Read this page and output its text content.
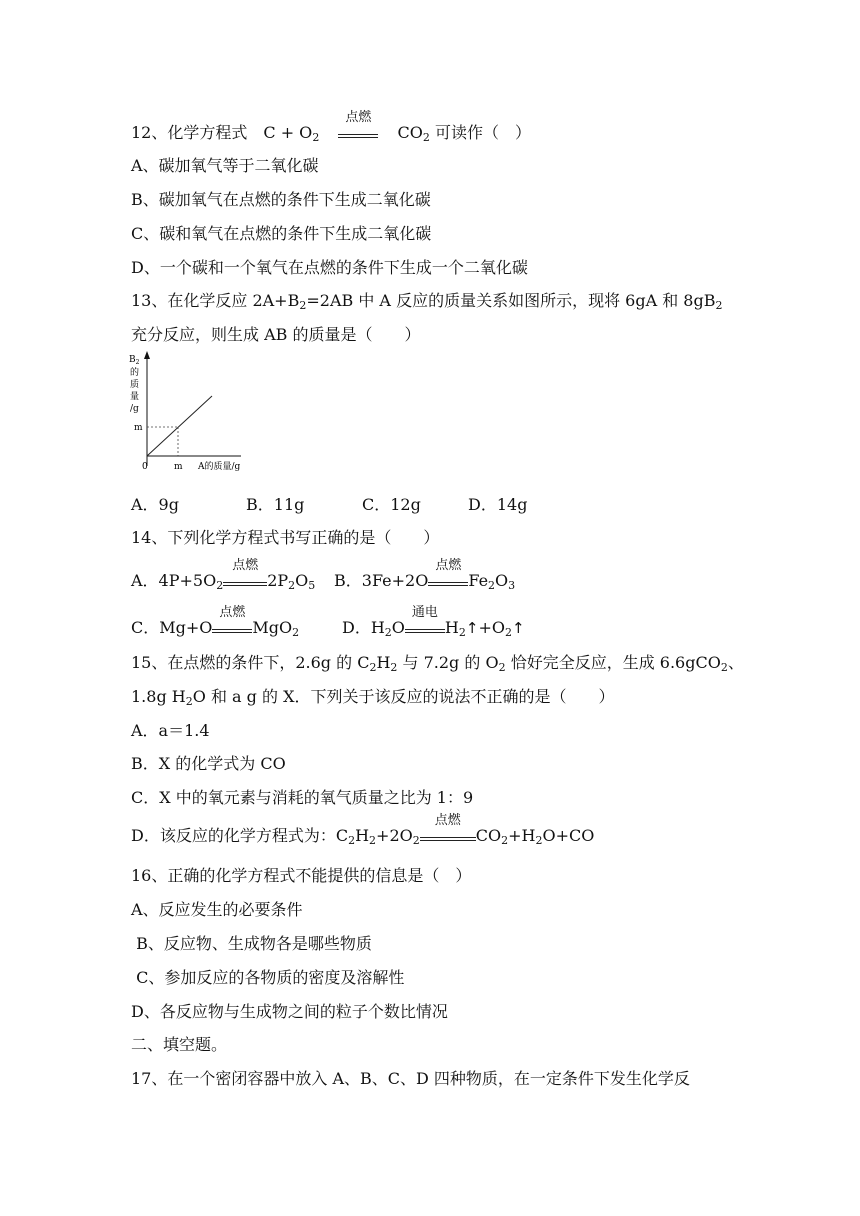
12、化学方程式　$C + O_2$
点燃
$CO_2$ 可读作（　）
A、碳加氧气等于二氧化碳
B、碳加氧气在点燃的条件下生成二氧化碳
C、碳和氧气在点燃的条件下生成二氧化碳
D、一个碳和一个氧气在点燃的条件下生成一个二氧化碳
13、在化学反应 $2A+B_2=2AB$ 中 A 反应的质量关系如图所示，现将 6gA 和 $8gB_2$
充分反应，则生成 AB 的质量是（　　）
$B_2$
的
质
量
/g
m
0	m A的质量/g
A．9g	B．11g	C．12g	D．14g
14、下列化学方程式书写正确的是（　　）
A．$4P+5O_2$
点燃
$2P_2O_5$ B．3Fe+2O
点燃
$Fe_2O_3$
C．Mg+O
点燃
MgO$_2$	D．$H_2O$
通电
$H_2↑+O_2↑$
15、在点燃的条件下，2.6g 的 $C_2H_2$ 与 7.2g 的 $O_2$ 恰好完全反应，生成 6.6gCO$_2$、
1.8g $H_2O$ 和 a g 的 X．下列关于该反应的说法不正确的是（　　）
A．a＝1.4
B．X 的化学式为 CO
C．X 中的氧元素与消耗的氧气质量之比为 1：9
D．该反应的化学方程式为：$C_2H_2+2O_2$
点燃
$CO_2+H_2O+CO$
16、正确的化学方程式不能提供的信息是（　）
A、反应发生的必要条件
B、反应物、生成物各是哪些物质
C、参加反应的各物质的密度及溶解性
D、各反应物与生成物之间的粒子个数比情况
二、填空题。
17、在一个密闭容器中放入 A、B、C、D 四种物质，在一定条件下发生化学反
